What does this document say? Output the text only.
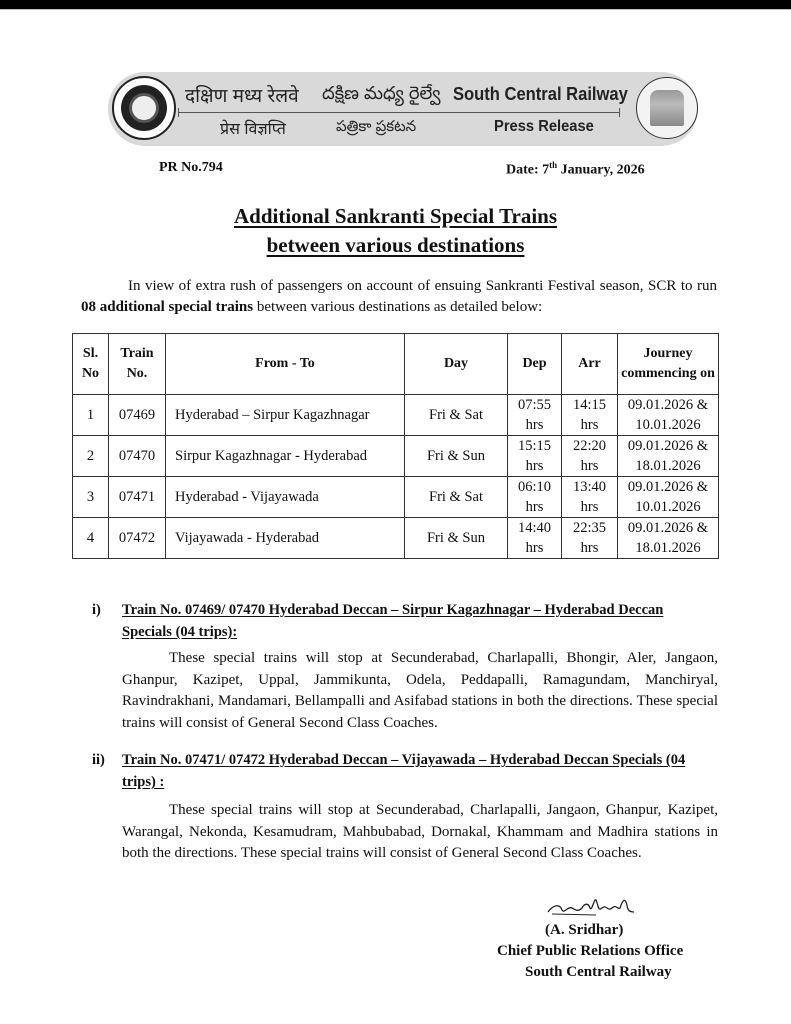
दक्षिण मध्य रेलवे దక్షిణ మధ్య రైల్వే South Central Railway
प्रेस विज्ञप्ति	పత్రికా ప్రకటన	Press Release
PR No.794	Date: 7th January, 2026
Additional Sankranti Special Trains
between various destinations
In view of extra rush of passengers on account of ensuing Sankranti Festival season, SCR to run 08 additional special trains between various destinations as detailed below:
Sl. No	Train No.	From - To	Day	Dep	Arr	Journey commencing on
1	07469	Hyderabad – Sirpur Kagazhnagar	Fri & Sat	07:55 hrs	14:15 hrs	09.01.2026 & 10.01.2026
2	07470	Sirpur Kagazhnagar - Hyderabad	Fri & Sun	15:15 hrs	22:20 hrs	09.01.2026 & 18.01.2026
3	07471	Hyderabad - Vijayawada	Fri & Sat	06:10 hrs	13:40 hrs	09.01.2026 & 10.01.2026
4	07472	Vijayawada - Hyderabad	Fri & Sun	14:40 hrs	22:35 hrs	09.01.2026 & 18.01.2026
i) Train No. 07469/ 07470 Hyderabad Deccan – Sirpur Kagazhnagar – Hyderabad Deccan Specials (04 trips):
These special trains will stop at Secunderabad, Charlapalli, Bhongir, Aler, Jangaon, Ghanpur, Kazipet, Uppal, Jammikunta, Odela, Peddapalli, Ramagundam, Manchiryal, Ravindrakhani, Mandamari, Bellampalli and Asifabad stations in both the directions. These special trains will consist of General Second Class Coaches.
ii) Train No. 07471/ 07472 Hyderabad Deccan – Vijayawada – Hyderabad Deccan Specials (04 trips) :
These special trains will stop at Secunderabad, Charlapalli, Jangaon, Ghanpur, Kazipet, Warangal, Nekonda, Kesamudram, Mahbubabad, Dornakal, Khammam and Madhira stations in both the directions. These special trains will consist of General Second Class Coaches.
(A. Sridhar)
Chief Public Relations Office
South Central Railway
